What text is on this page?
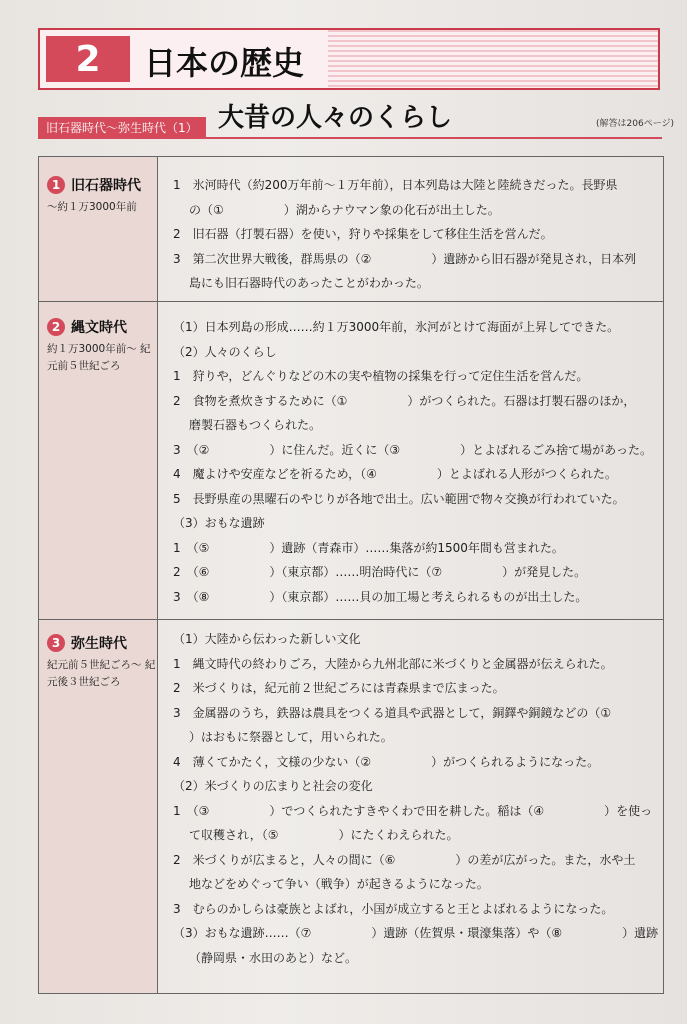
2	日本の歴史
大昔の人々のくらし
旧石器時代〜弥生時代（1）	(解答は206ページ)
1 旧石器時代
〜約１万3000年前
1　氷河時代（約200万年前〜１万年前），日本列島は大陸と陸続きだった。長野県
の（①　　　　　）湖からナウマン象の化石が出土した。
2　旧石器（打製石器）を使い，狩りや採集をして移住生活を営んだ。
3　第二次世界大戦後，群馬県の（②　　　　　）遺跡から旧石器が発見され，日本列
島にも旧石器時代のあったことがわかった。
2 縄文時代
約１万3000年前〜 紀元前５世紀ごろ
（1）日本列島の形成……約１万3000年前，氷河がとけて海面が上昇してできた。
（2）人々のくらし
1　狩りや，どんぐりなどの木の実や植物の採集を行って定住生活を営んだ。
2　食物を煮炊きするために（①　　　　　）がつくられた。石器は打製石器のほか，
磨製石器もつくられた。
3　（②　　　　　）に住んだ。近くに（③　　　　　）とよばれるごみ捨て場があった。
4　魔よけや安産などを祈るため，（④　　　　　）とよばれる人形がつくられた。
5　長野県産の黒曜石のやじりが各地で出土。広い範囲で物々交換が行われていた。
（3）おもな遺跡
1　（⑤　　　　　）遺跡（青森市）……集落が約1500年間も営まれた。
2　（⑥　　　　　）（東京都）……明治時代に（⑦　　　　　）が発見した。
3　（⑧　　　　　）（東京都）……貝の加工場と考えられるものが出土した。
3 弥生時代
紀元前５世紀ごろ〜 紀元後３世紀ごろ
（1）大陸から伝わった新しい文化
1　縄文時代の終わりごろ，大陸から九州北部に米づくりと金属器が伝えられた。
2　米づくりは，紀元前２世紀ごろには青森県まで広まった。
3　金属器のうち，鉄器は農具をつくる道具や武器として，銅鐸や銅鏡などの（①
）はおもに祭器として，用いられた。
4　薄くてかたく，文様の少ない（②　　　　　）がつくられるようになった。
（2）米づくりの広まりと社会の変化
1　（③　　　　　）でつくられたすきやくわで田を耕した。稲は（④　　　　　）を使っ
て収穫され，（⑤　　　　　）にたくわえられた。
2　米づくりが広まると，人々の間に（⑥　　　　　）の差が広がった。また，水や土
地などをめぐって争い（戦争）が起きるようになった。
3　むらのかしらは豪族とよばれ，小国が成立すると王とよばれるようになった。
（3）おもな遺跡……（⑦　　　　　）遺跡（佐賀県・環濠集落）や（⑧　　　　　）遺跡
（静岡県・水田のあと）など。
